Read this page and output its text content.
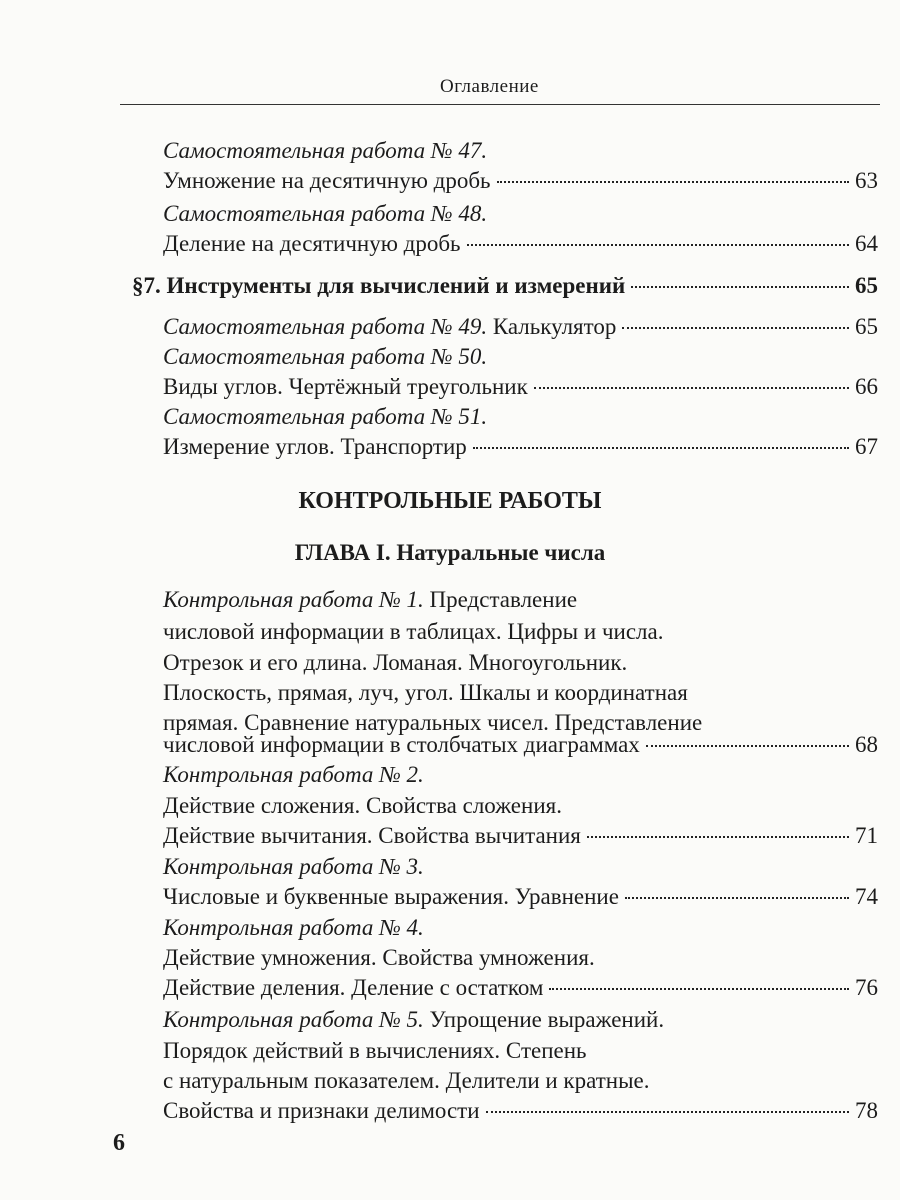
Оглавление
Самостоятельная работа № 47.
Умножение на десятичную дробь	63
Самостоятельная работа № 48.
Деление на десятичную дробь	64
§7. Инструменты для вычислений и измерений	65
Самостоятельная работа № 49. Калькулятор	65
Самостоятельная работа № 50.
Виды углов. Чертёжный треугольник	66
Самостоятельная работа № 51.
Измерение углов. Транспортир	67
КОНТРОЛЬНЫЕ РАБОТЫ
ГЛАВА I. Натуральные числа
Контрольная работа № 1. Представление
числовой информации в таблицах. Цифры и числа.
Отрезок и его длина. Ломаная. Многоугольник.
Плоскость, прямая, луч, угол. Шкалы и координатная
прямая. Сравнение натуральных чисел. Представление
числовой информации в столбчатых диаграммах	68
Контрольная работа № 2.
Действие сложения. Свойства сложения.
Действие вычитания. Свойства вычитания	71
Контрольная работа № 3.
Числовые и буквенные выражения. Уравнение	74
Контрольная работа № 4.
Действие умножения. Свойства умножения.
Действие деления. Деление с остатком	76
Контрольная работа № 5. Упрощение выражений.
Порядок действий в вычислениях. Степень
с натуральным показателем. Делители и кратные.
Свойства и признаки делимости	78
6
